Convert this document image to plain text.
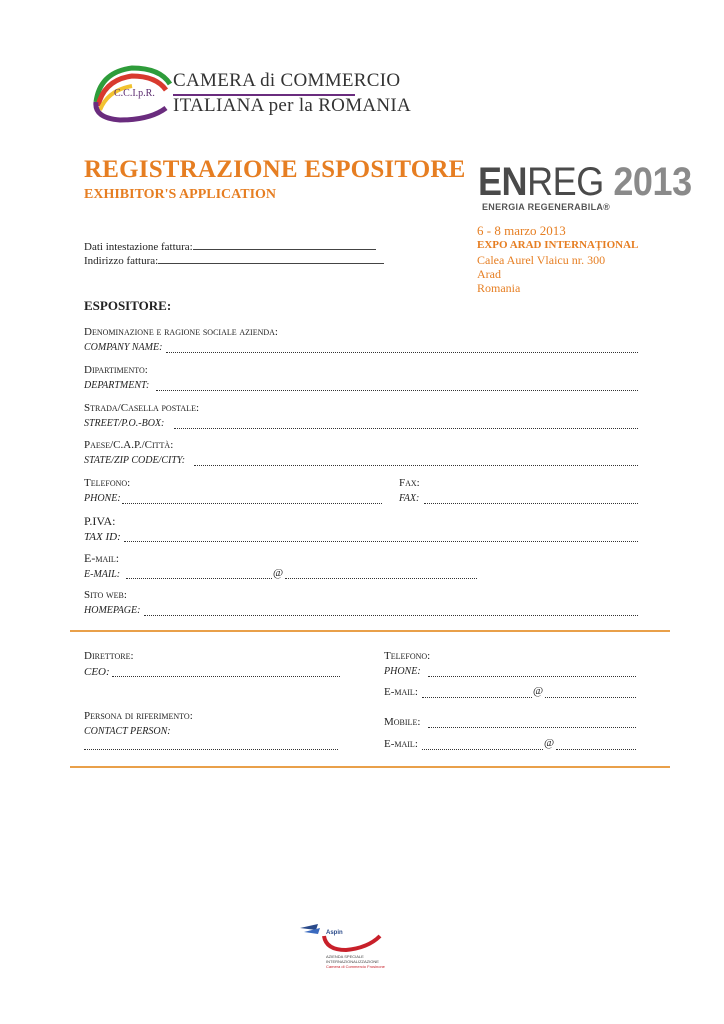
C.C.I.p.R.
CAMERA di COMMERCIO
ITALIANA per la ROMANIA
REGISTRAZIONE ESPOSITORE
EXHIBITOR'S APPLICATION	ENREG 2013
ENERGIA REGENERABILA®
6 - 8 marzo 2013
EXPO ARAD INTERNAȚIONAL
Calea Aurel Vlaicu nr. 300
Arad
Romania
Dati intestazione fattura:
Indirizzo fattura:
ESPOSITORE:
Denominazione e ragione sociale azienda:
COMPANY NAME:
Dipartimento:
DEPARTMENT:
Strada/Casella postale:
STREET/P.O.-BOX:
Paese/C.A.P./Città:
STATE/ZIP CODE/CITY:
Telefono:
PHONE:
Fax:
FAX:
P.IVA:
TAX ID:
E-mail:
E-MAIL:	@
Sito web:
HOMEPAGE:
Direttore:
CEO:
Persona di riferimento:
CONTACT PERSON:
Telefono:
PHONE:
E-mail:	@
Mobile:
E-mail:	@
Aspin
AZIENDA SPECIALE
INTERNAZIONALIZZAZIONE
Camera di Commercio Frosinone
